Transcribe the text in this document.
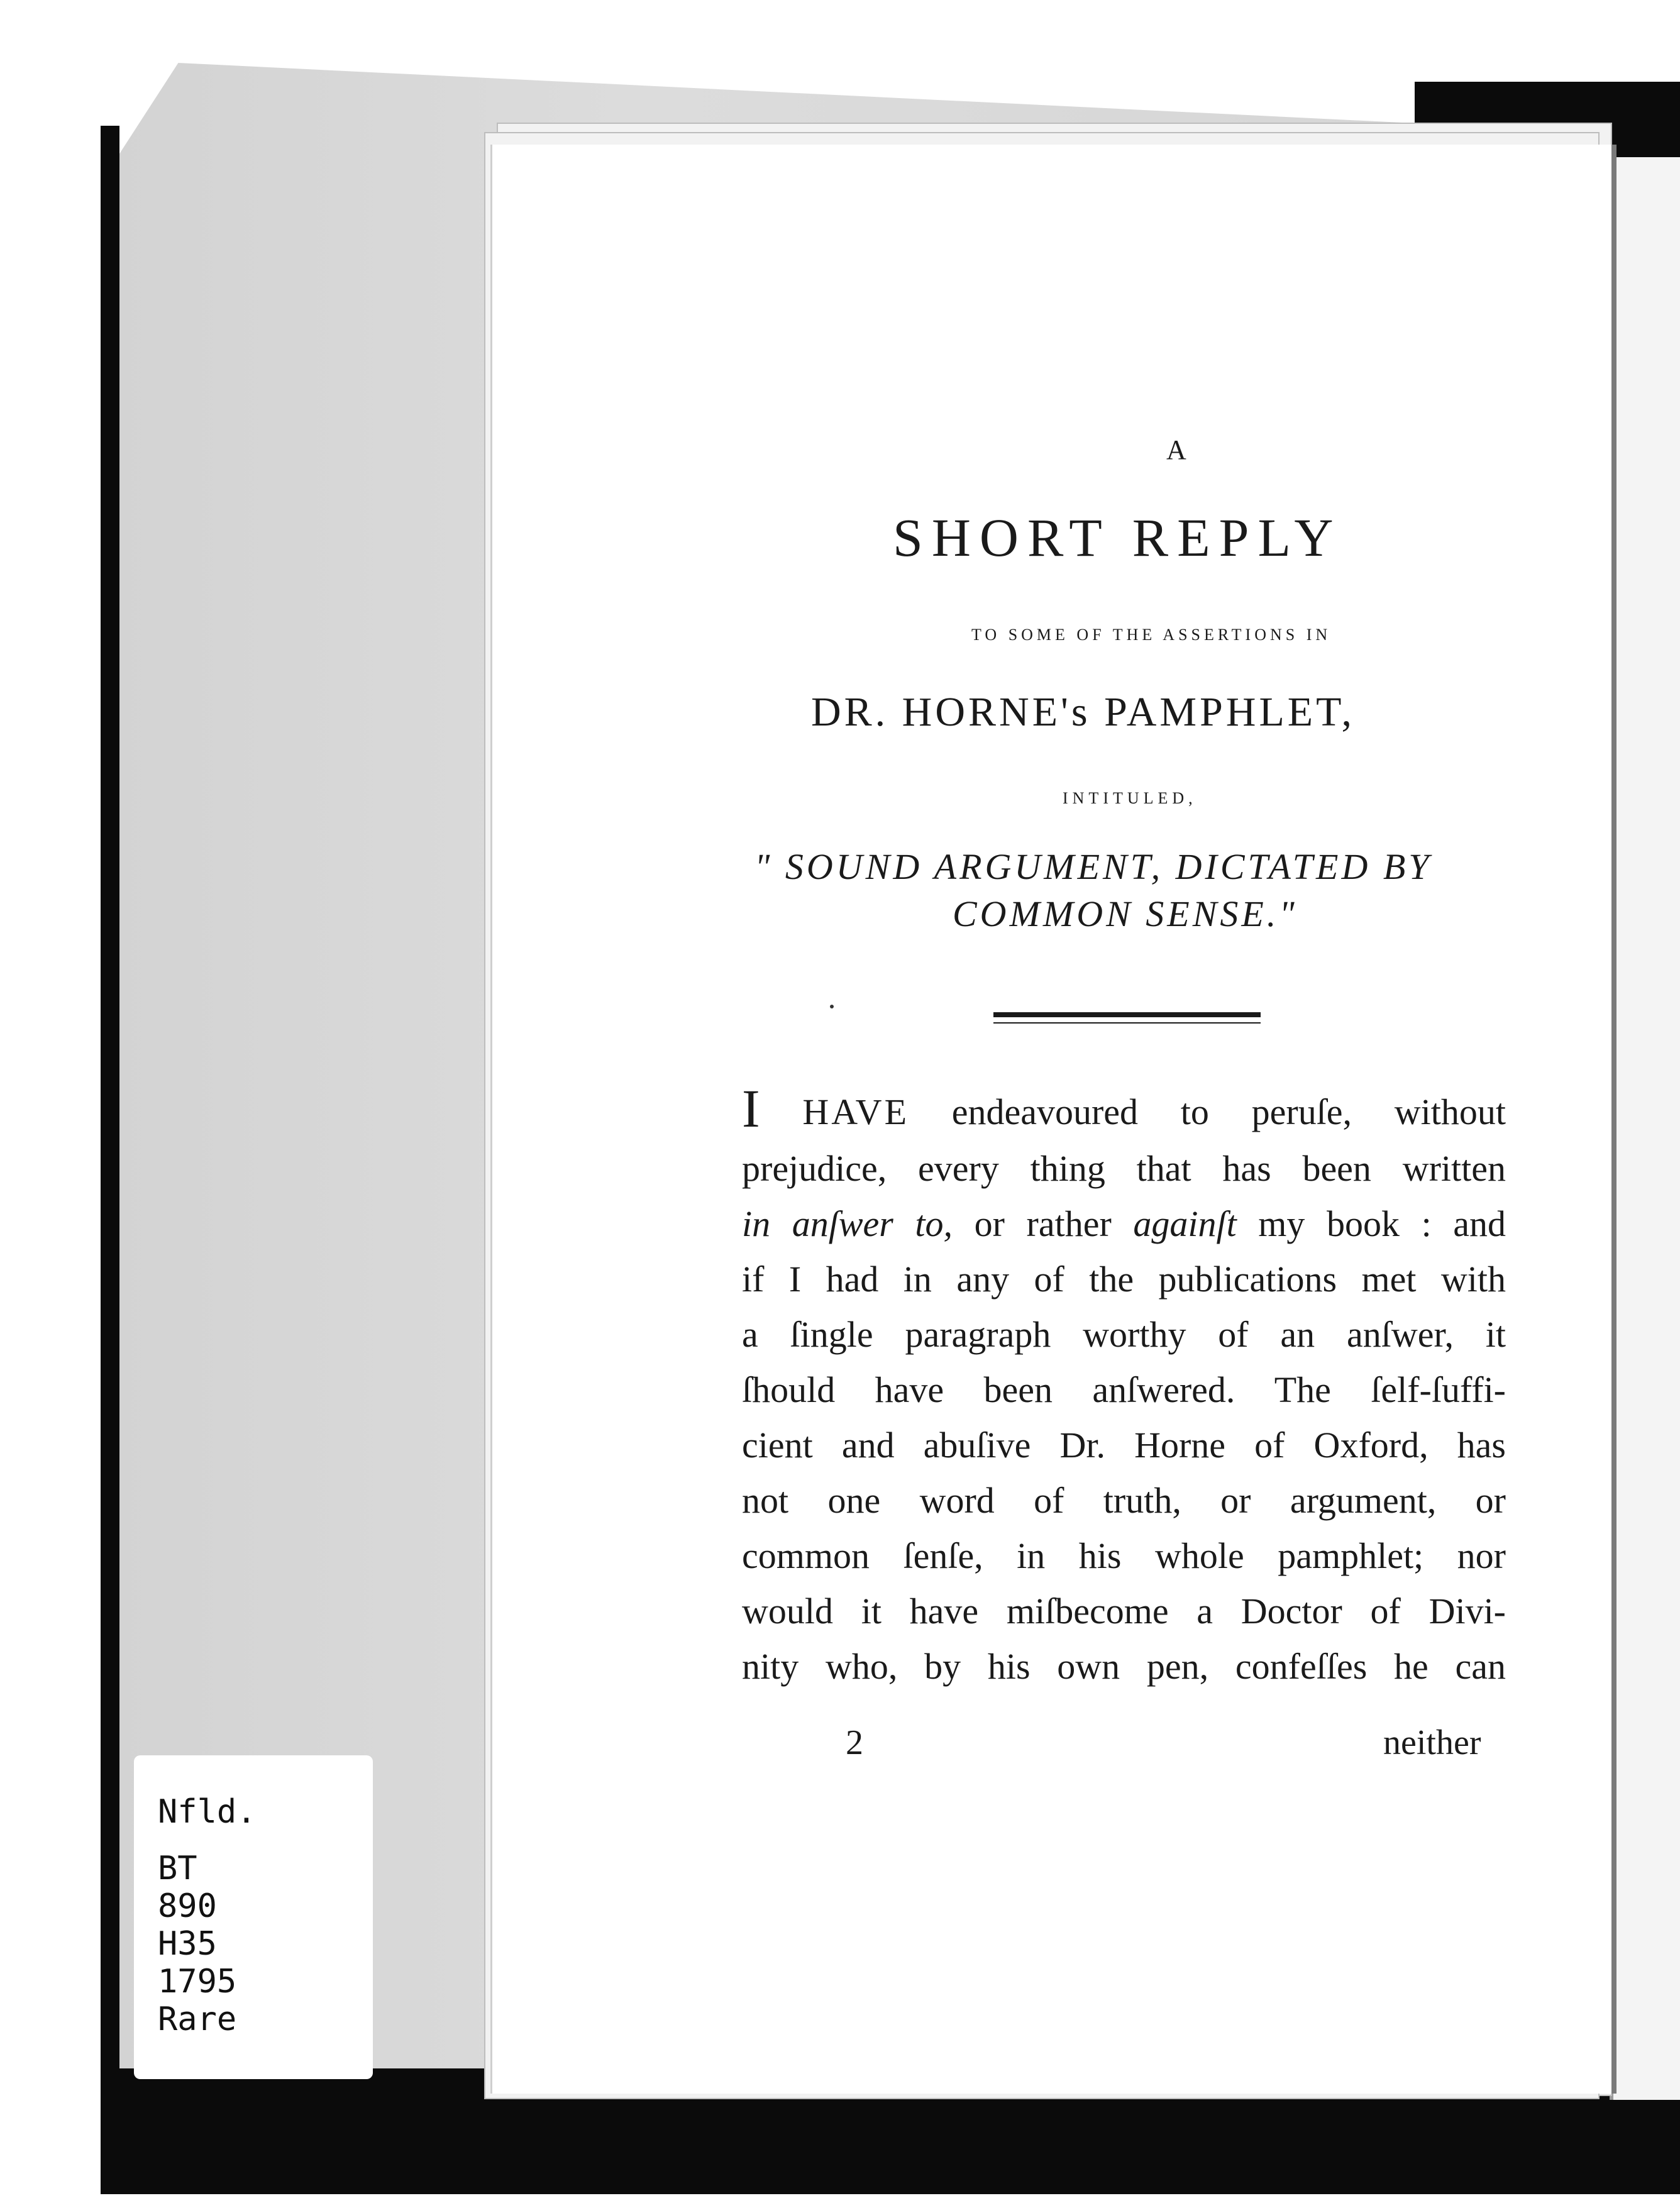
A
SHORT REPLY
TO SOME OF THE ASSERTIONS IN
DR. HORNE's PAMPHLET,
INTITULED,
" SOUND ARGUMENT, DICTATED BY
COMMON SENSE."
I HAVE endeavoured to peruſe, without
prejudice, every thing that has been written
in anſwer to, or rather againſt my book : and
if I had in any of the publications met with
a ſingle paragraph worthy of an anſwer, it
ſhould have been anſwered. The ſelf-ſuffi-
cient and abuſive Dr. Horne of Oxford, has
not one word of truth, or argument, or
common ſenſe, in his whole pamphlet; nor
would it have miſbecome a Doctor of Divi-
nity who, by his own pen, confeſſes he can
2	neither
Nfld.
BT
890
H35
1795
Rare
